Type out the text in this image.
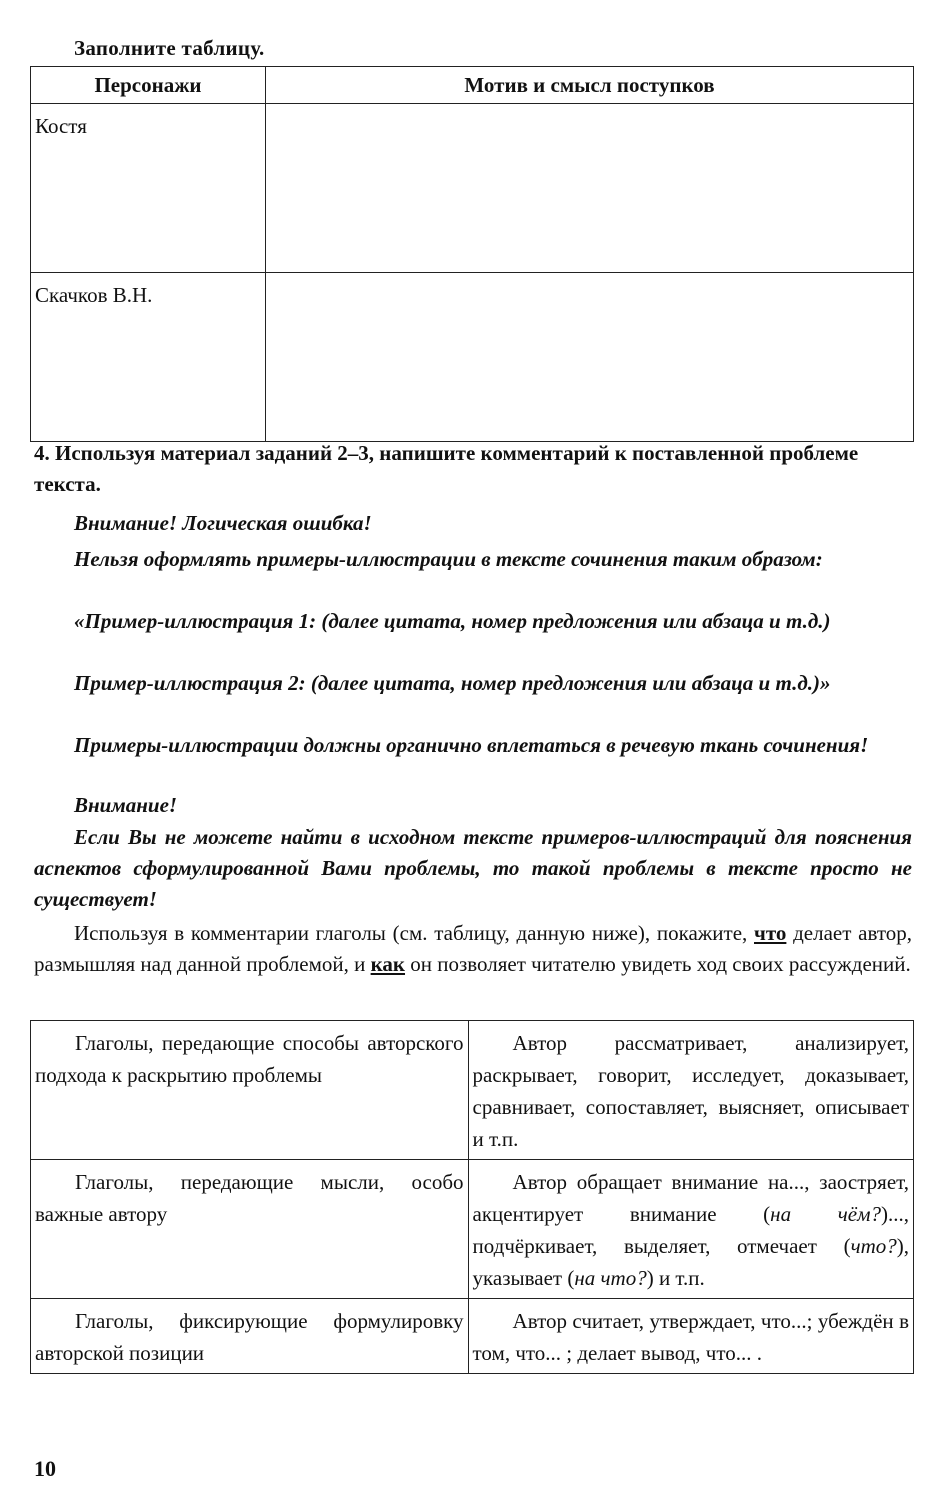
Заполните таблицу.
Персонажи	Мотив и смысл поступков
Костя	
Скачков В.Н.	
4. Используя материал заданий 2–3, напишите комментарий к поставленной проблеме текста.

Внимание! Логическая ошибка!

Нельзя оформлять примеры-иллюстрации в тексте сочинения таким образом:

«Пример-иллюстрация 1: (далее цитата, номер предложения или абзаца и т.д.)

Пример-иллюстрация 2: (далее цитата, номер предложения или абзаца и т.д.)»

Примеры-иллюстрации должны органично вплетаться в речевую ткань сочинения!

Внимание!

Если Вы не можете найти в исходном тексте примеров-иллюстраций для пояснения аспектов сформулированной Вами проблемы, то такой проблемы в тексте просто не существует!

Используя в комментарии глаголы (см. таблицу, данную ниже), покажите, что делает автор, размышляя над данной проблемой, и как он позволяет читателю увидеть ход своих рассуждений.

Глаголы, передающие способы авторского подхода к раскрытию проблемы	Автор рассматривает, анализирует, раскрывает, говорит, исследует, доказывает, сравнивает, сопоставляет, выясняет, описывает и т.п.

Глаголы, передающие мысли, особо важные автору	Автор обращает внимание на..., заостряет, акцентирует внимание (на чём?)..., подчёркивает, выделяет, отмечает (что?), указывает (на что?) и т.п.

Глаголы, фиксирующие формулировку авторской позиции	Автор считает, утверждает, что...; убеждён в том, что... ; делает вывод, что... .
10
